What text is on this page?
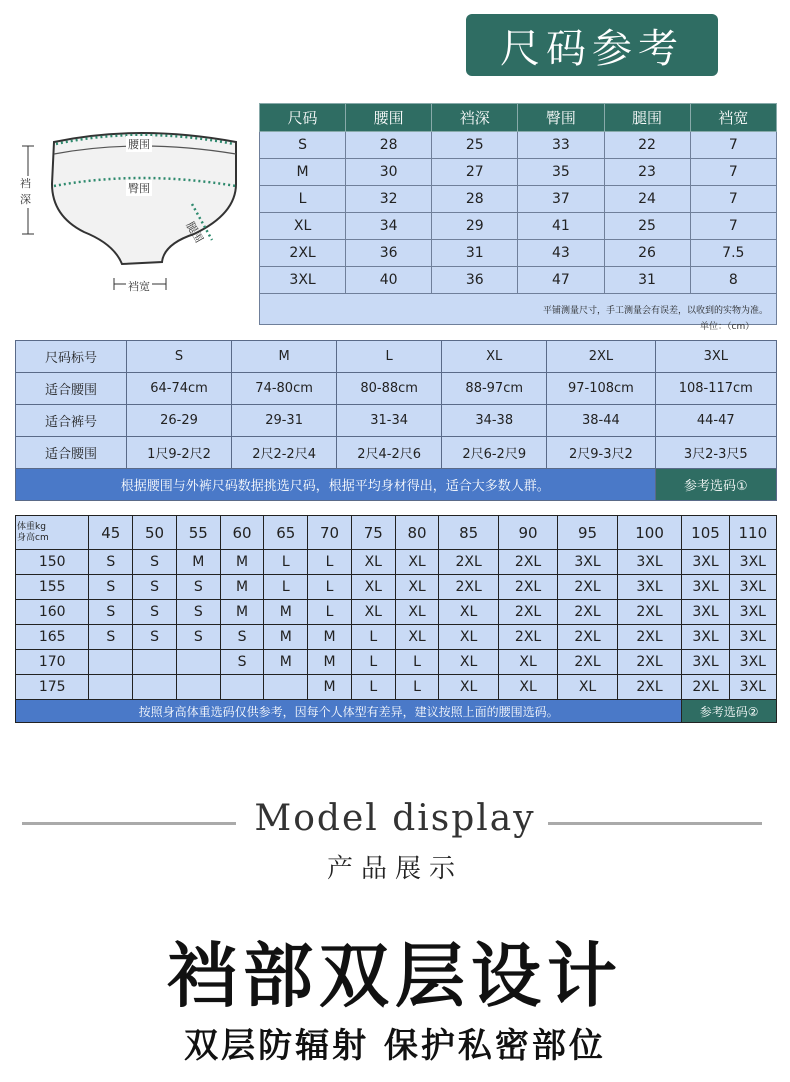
尺码参考
腰围
臀围
裆深
腿围
裆宽
尺码	腰围	裆深	臀围	腿围	裆宽
S	28	25	33	22	7
M	30	27	35	23	7
L	32	28	37	24	7
XL	34	29	41	25	7
2XL	36	31	43	26	7.5
3XL	40	36	47	31	8
平铺测量尺寸，手工测量会有误差，以收到的实物为准。					
单位：（cm）
尺码标号	S	M	L	XL	2XL	3XL
适合腰围	64-74cm	74-80cm	80-88cm	88-97cm	97-108cm	108-117cm
适合裤号	26-29	29-31	31-34	34-38	38-44	44-47
适合腰围	1尺9-2尺2	2尺2-2尺4	2尺4-2尺6	2尺6-2尺9	2尺9-3尺2	3尺2-3尺5
根据腰围与外裤尺码数据挑选尺码，根据平均身材得出，适合大多数人群。						参考选码①
体重kg
身高cm	45	50	55	60	65	70	75	80	85	90	95	100	105	110
150	S	S	M	M	L	L	XL	XL	2XL	2XL	3XL	3XL	3XL	3XL
155	S	S	S	M	L	L	XL	XL	2XL	2XL	2XL	3XL	3XL	3XL
160	S	S	S	M	M	L	XL	XL	XL	2XL	2XL	2XL	3XL	3XL
165	S	S	S	S	M	M	L	XL	XL	2XL	2XL	2XL	3XL	3XL
170				S	M	M	L	L	XL	XL	2XL	2XL	3XL	3XL
175						M	L	L	XL	XL	XL	2XL	2XL	3XL
按照身高体重选码仅供参考，因每个人体型有差异，建议按照上面的腰围选码。													参考选码②	
Model display
产品展示
裆部双层设计
双层防辐射 保护私密部位
